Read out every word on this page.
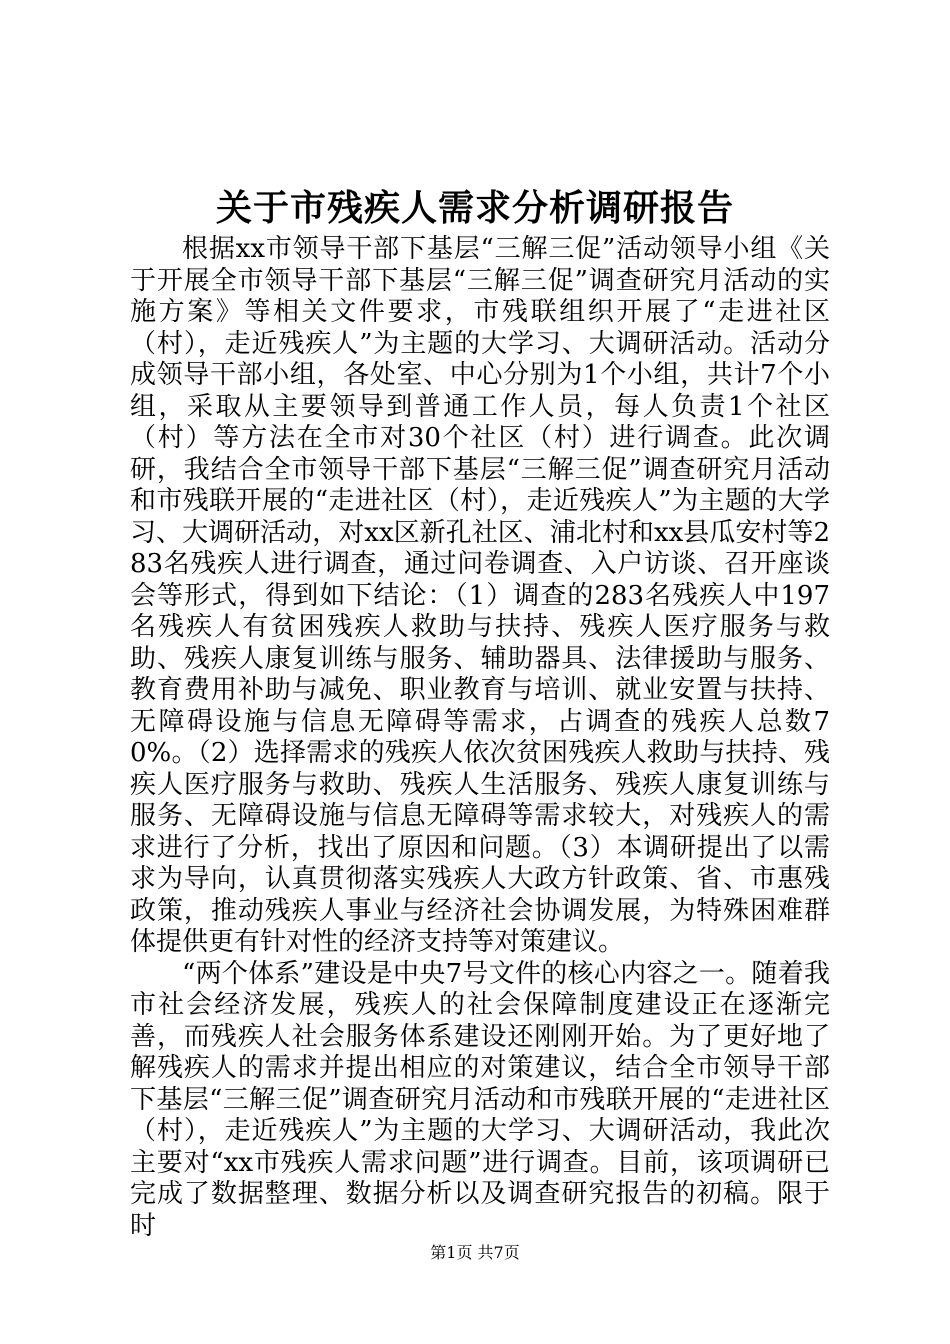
关于市残疾人需求分析调研报告

根据xx市领导干部下基层“三解三促”活动领导小组《关于开展全市领导干部下基层“三解三促”调查研究月活动的实施方案》等相关文件要求，市残联组织开展了“走进社区（村），走近残疾人”为主题的大学习、大调研活动。活动分成领导干部小组，各处室、中心分别为1个小组，共计7个小组，采取从主要领导到普通工作人员，每人负责1个社区（村）等方法在全市对30个社区（村）进行调查。此次调研，我结合全市领导干部下基层“三解三促”调查研究月活动和市残联开展的“走进社区（村），走近残疾人”为主题的大学习、大调研活动，对xx区新孔社区、浦北村和xx县瓜安村等283名残疾人进行调查，通过问卷调查、入户访谈、召开座谈会等形式，得到如下结论：（1）调查的283名残疾人中197名残疾人有贫困残疾人救助与扶持、残疾人医疗服务与救助、残疾人康复训练与服务、辅助器具、法律援助与服务、教育费用补助与减免、职业教育与培训、就业安置与扶持、无障碍设施与信息无障碍等需求，占调查的残疾人总数70%。（2）选择需求的残疾人依次贫困残疾人救助与扶持、残疾人医疗服务与救助、残疾人生活服务、残疾人康复训练与服务、无障碍设施与信息无障碍等需求较大，对残疾人的需求进行了分析，找出了原因和问题。（3）本调研提出了以需求为导向，认真贯彻落实残疾人大政方针政策、省、市惠残政策，推动残疾人事业与经济社会协调发展，为特殊困难群体提供更有针对性的经济支持等对策建议。

“两个体系”建设是中央7号文件的核心内容之一。随着我市社会经济发展，残疾人的社会保障制度建设正在逐渐完善，而残疾人社会服务体系建设还刚刚开始。为了更好地了解残疾人的需求并提出相应的对策建议，结合全市领导干部下基层“三解三促”调查研究月活动和市残联开展的“走进社区（村），走近残疾人”为主题的大学习、大调研活动，我此次主要对“xx市残疾人需求问题”进行调查。目前，该项调研已完成了数据整理、数据分析以及调查研究报告的初稿。限于时

第1页 共7页
